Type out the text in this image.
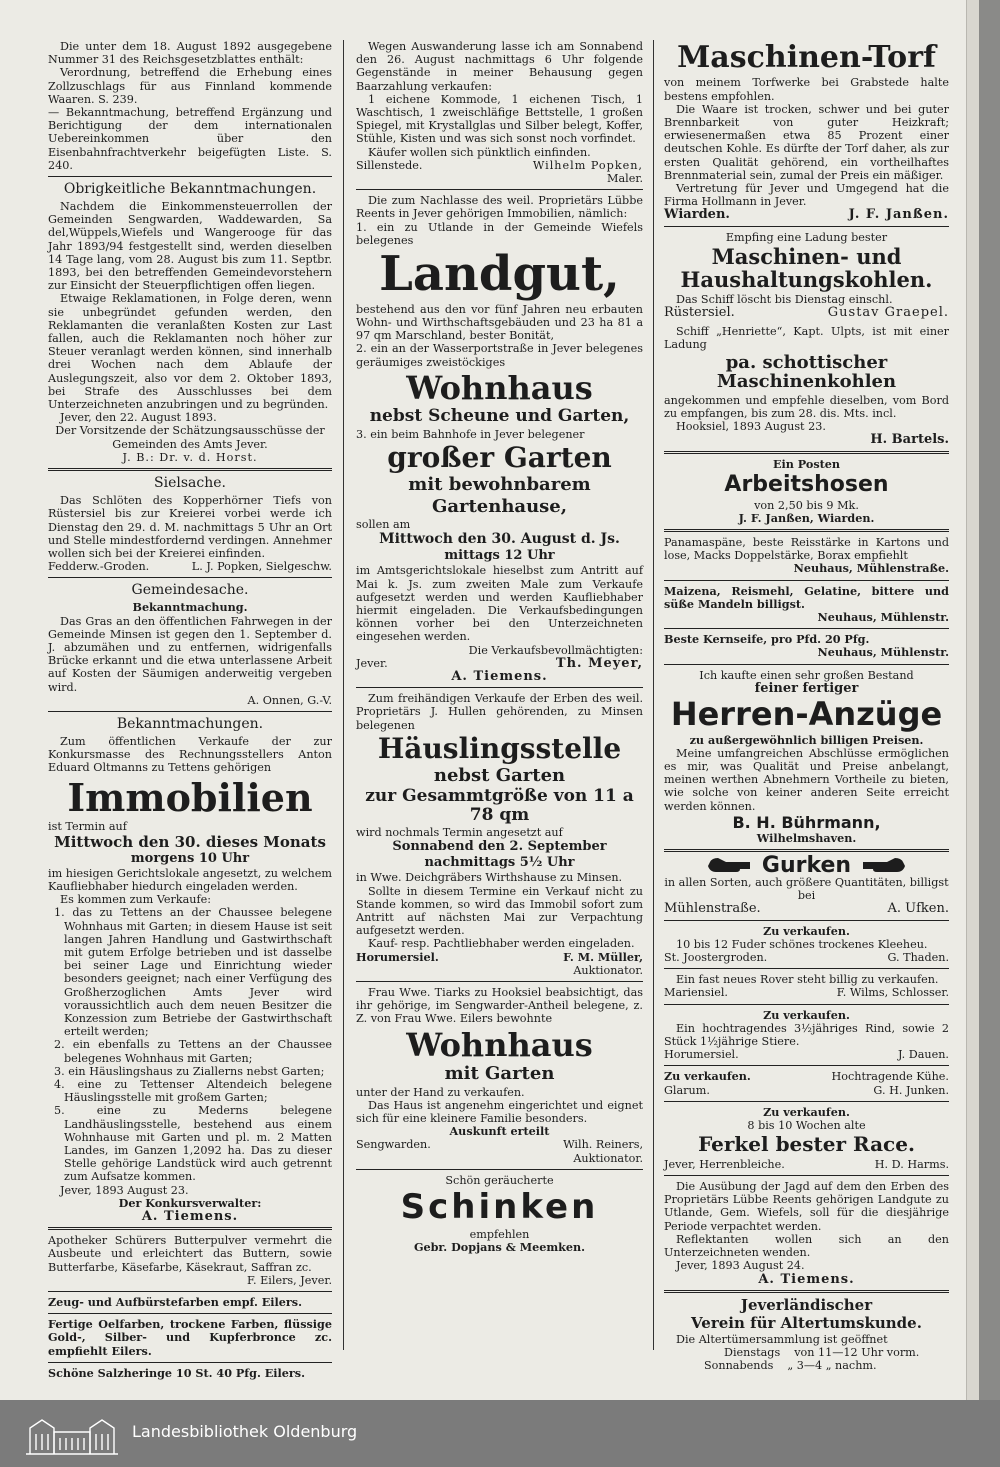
Die unter dem 18. August 1892 ausgegebene Nummer 31 des Reichsgesetzblattes enthält:

Verordnung, betreffend die Erhebung eines Zollzuschlags für aus Finnland kommende Waaren. S. 239.

— Bekanntmachung, betreffend Ergänzung und Berichtigung der dem internationalen Uebereinkommen über den Eisenbahnfrachtverkehr beigefügten Liste. S. 240.

Obrigkeitliche Bekanntmachungen.

Nachdem die Einkommensteuerrollen der Gemeinden Sengwarden, Waddewarden, Sa del,Wüppels,Wiefels und Wangerooge für das Jahr 1893/94 festgestellt sind, werden dieselben 14 Tage lang, vom 28. August bis zum 11. Septbr. 1893, bei den betreffenden Gemeindevorstehern zur Einsicht der Steuerpflichtigen offen liegen.

Etwaige Reklamationen, in Folge deren, wenn sie unbegründet gefunden werden, den Reklamanten die veranlaßten Kosten zur Last fallen, auch die Reklamanten noch höher zur Steuer veranlagt werden können, sind innerhalb drei Wochen nach dem Ablaufe der Auslegungszeit, also vor dem 2. Oktober 1893, bei Strafe des Ausschlusses bei dem Unterzeichneten anzubringen und zu begründen.

Jever, den 22. August 1893.

Der Vorsitzende der Schätzungsausschüsse der Gemeinden des Amts Jever.

J. B.: Dr. v. d. Horst.

Sielsache.

Das Schlöten des Kopperhörner Tiefs von Rüstersiel bis zur Kreierei vorbei werde ich Dienstag den 29. d. M. nachmittags 5 Uhr an Ort und Stelle mindestfordernd verdingen. Annehmer wollen sich bei der Kreierei einfinden.

Fedderw.-Groden.	L. J. Popken, Sielgeschw.
Gemeindesache.

Bekanntmachung.

Das Gras an den öffentlichen Fahrwegen in der Gemeinde Minsen ist gegen den 1. September d. J. abzumähen und zu entfernen, widrigenfalls Brücke erkannt und die etwa unterlassene Arbeit auf Kosten der Säumigen anderweitig vergeben wird.

A. Onnen, G.-V.

Bekanntmachungen.

Zum öffentlichen Verkaufe der zur Konkursmasse des Rechnungsstellers Anton Eduard Oltmanns zu Tettens gehörigen

Immobilien

ist Termin auf

Mittwoch den 30. dieses Monats

morgens 10 Uhr

im hiesigen Gerichtslokale angesetzt, zu welchem Kaufliebhaber hiedurch eingeladen werden.

Es kommen zum Verkaufe:

1. das zu Tettens an der Chaussee belegene Wohnhaus mit Garten; in diesem Hause ist seit langen Jahren Handlung und Gastwirthschaft mit gutem Erfolge betrieben und ist dasselbe bei seiner Lage und Einrichtung wieder besonders geeignet; nach einer Verfügung des Großherzoglichen Amts Jever wird voraussichtlich auch dem neuen Besitzer die Konzession zum Betriebe der Gastwirthschaft erteilt werden;

2. ein ebenfalls zu Tettens an der Chaussee belegenes Wohnhaus mit Garten;

3. ein Häuslingshaus zu Ziallerns nebst Garten;

4. eine zu Tettenser Altendeich belegene Häuslingsstelle mit großem Garten;

5. eine zu Mederns belegene Landhäuslingsstelle, bestehend aus einem Wohnhause mit Garten und pl. m. 2 Matten Landes, im Ganzen 1,2092 ha. Das zu dieser Stelle gehörige Landstück wird auch getrennt zum Aufsatze kommen.

Jever, 1893 August 23.

Der Konkursverwalter:

A. Tiemens.

Apotheker Schürers Butterpulver vermehrt die Ausbeute und erleichtert das Buttern, sowie Butterfarbe, Käsefarbe, Käsekraut, Saffran zc.

F. Eilers, Jever.

Zeug- und Aufbürstefarben empf. Eilers.

Fertige Oelfarben, trockene Farben, flüssige Gold-, Silber- und Kupferbronce zc. empfiehlt Eilers.

Schöne Salzheringe 10 St. 40 Pfg. Eilers.

Wegen Auswanderung lasse ich am Sonnabend den 26. August nachmittags 6 Uhr folgende Gegenstände in meiner Behausung gegen Baarzahlung verkaufen:

1 eichene Kommode, 1 eichenen Tisch, 1 Waschtisch, 1 zweischläfige Bettstelle, 1 großen Spiegel, mit Krystallglas und Silber belegt, Koffer, Stühle, Kisten und was sich sonst noch vorfindet.

Käufer wollen sich pünktlich einfinden.

Sillenstede.	Wilhelm Popken,

Maler.

Die zum Nachlasse des weil. Proprietärs Lübbe Reents in Jever gehörigen Immobilien, nämlich:

1. ein zu Utlande in der Gemeinde Wiefels belegenes

Landgut,

bestehend aus den vor fünf Jahren neu erbauten Wohn- und Wirthschaftsgebäuden und 23 ha 81 a 97 qm Marschland, bester Bonität,

2. ein an der Wasserportstraße in Jever belegenes geräumiges zweistöckiges

Wohnhaus
nebst Scheune und Garten,

3. ein beim Bahnhofe in Jever belegener

großer Garten
mit bewohnbarem
Gartenhause,

sollen am

Mittwoch den 30. August d. Js.

mittags 12 Uhr

im Amtsgerichtslokale hieselbst zum Antritt auf Mai k. Js. zum zweiten Male zum Verkaufe aufgesetzt werden und werden Kaufliebhaber hiermit eingeladen. Die Verkaufsbedingungen können vorher bei den Unterzeichneten eingesehen werden.

Die Verkaufsbevollmächtigten:

Jever.	Th. Meyer,

A. Tiemens.

Zum freihändigen Verkaufe der Erben des weil. Proprietärs J. Hullen gehörenden, zu Minsen belegenen

Häuslingsstelle
nebst Garten
zur Gesammtgröße von 11 a 78 qm

wird nochmals Termin angesetzt auf

Sonnabend den 2. September

nachmittags 5½ Uhr

in Wwe. Deichgräbers Wirthshause zu Minsen.

Sollte in diesem Termine ein Verkauf nicht zu Stande kommen, so wird das Immobil sofort zum Antritt auf nächsten Mai zur Verpachtung aufgesetzt werden.

Kauf- resp. Pachtliebhaber werden eingeladen.

Horumersiel.	F. M. Müller,

Auktionator.

Frau Wwe. Tiarks zu Hooksiel beabsichtigt, das ihr gehörige, im Sengwarder-Antheil belegene, z. Z. von Frau Wwe. Eilers bewohnte

Wohnhaus
mit Garten

unter der Hand zu verkaufen.

Das Haus ist angenehm eingerichtet und eignet sich für eine kleinere Familie besonders.

Auskunft erteilt

Sengwarden.	Wilh. Reiners,

Auktionator.

Schön geräucherte

Schinken

empfehlen

Gebr. Dopjans & Meemken.

Maschinen-Torf

von meinem Torfwerke bei Grabstede halte bestens empfohlen.

Die Waare ist trocken, schwer und bei guter Brennbarkeit von guter Heizkraft; erwiesenermaßen etwa 85 Prozent einer deutschen Kohle. Es dürfte der Torf daher, als zur ersten Qualität gehörend, ein vortheilhaftes Brennmaterial sein, zumal der Preis ein mäßiger.

Vertretung für Jever und Umgegend hat die Firma Hollmann in Jever.

Wiarden.	J. F. Janßen.

Empfing eine Ladung bester

Maschinen- und Haushaltungskohlen.

Das Schiff löscht bis Dienstag einschl.

Rüstersiel.	Gustav Graepel.

Schiff „Henriette“, Kapt. Ulpts, ist mit einer Ladung

pa. schottischer Maschinenkohlen

angekommen und empfehle dieselben, vom Bord zu empfangen, bis zum 28. dis. Mts. incl.

Hooksiel, 1893 August 23.

H. Bartels.

Ein Posten

Arbeitshosen

von 2,50 bis 9 Mk.

J. F. Janßen, Wiarden.

Panamaspäne, beste Reisstärke in Kartons und lose, Macks Doppelstärke, Borax empfiehlt

Neuhaus, Mühlenstraße.

Maizena, Reismehl, Gelatine, bittere und süße Mandeln billigst.

Neuhaus, Mühlenstr.

Beste Kernseife, pro Pfd. 20 Pfg.

Neuhaus, Mühlenstr.

Ich kaufte einen sehr großen Bestand

feiner fertiger

Herren-Anzüge

zu außergewöhnlich billigen Preisen.

Meine umfangreichen Abschlüsse ermöglichen es mir, was Qualität und Preise anbelangt, meinen werthen Abnehmern Vortheile zu bieten, wie solche von keiner anderen Seite erreicht werden können.

B. H. Bührmann,

Wilhelmshaven.

Gurken

in allen Sorten, auch größere Quantitäten, billigst bei

Mühlenstraße.	A. Ufken.

Zu verkaufen.

10 bis 12 Fuder schönes trockenes Kleeheu.

St. Joostergroden.	G. Thaden.

Ein fast neues Rover steht billig zu verkaufen.

Mariensiel.	F. Wilms, Schlosser.

Zu verkaufen.

Ein hochtragendes 3½jähriges Rind, sowie 2 Stück 1½jährige Stiere.

Horumersiel.	J. Dauen.
Zu verkaufen.	Hochtragende Kühe.
Glarum.	G. H. Junken.

Zu verkaufen.

8 bis 10 Wochen alte

Ferkel bester Race.
Jever, Herrenbleiche.	H. D. Harms.

Die Ausübung der Jagd auf dem den Erben des Proprietärs Lübbe Reents gehörigen Landgute zu Utlande, Gem. Wiefels, soll für die diesjährige Periode verpachtet werden.

Reflektanten wollen sich an den Unterzeichneten wenden.

Jever, 1893 August 24.

A. Tiemens.

Jeverländischer
Verein für Altertumskunde.

Die Altertümersammlung ist geöffnet

Dienstags von 11—12 Uhr vorm.
Sonnabends „ 3—4 „ nachm.
Landesbibliothek Oldenburg
